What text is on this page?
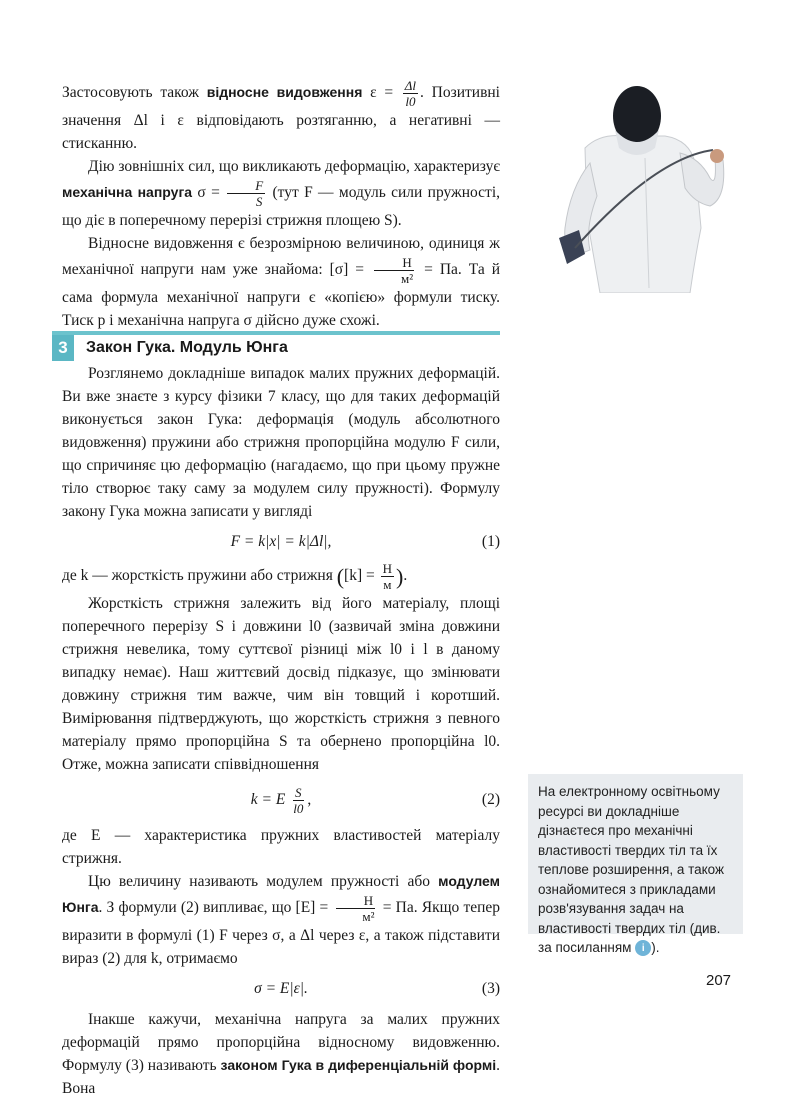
Застосовують також відносне видовження $\varepsilon = \frac{\Delta l}{l0}$ . Позитивні значення Δl і ε відповідають розтяганню, а негативні — стисканню.

Дію зовнішніх сил, що викликають деформацію, характеризує механічна напруга $\sigma = \frac{F}{S} (тут$ F — модуль сили пружності, що діє в поперечному перерізі стрижня площею S).

Відносне видовження є безрозмірною величиною, одиниця ж механічної напруги нам уже знайома: $[\sigma] = \frac{Н}{\text{м²}}$ = Па. Та й сама формула механічної напруги є «копією» формули тиску. Тиск p і механічна напруга σ дійсно дуже схожі.

3	Закон Гука. Модуль Юнга

Розглянемо докладніше випадок малих пружних деформацій. Ви вже знаєте з курсу фізики 7 класу, що для таких деформацій виконується закон Гука: деформація (модуль абсолютного видовження) пружини або стрижня пропорційна модулю F сили, що спричиняє цю деформацію (нагадаємо, що при цьому пружне тіло створює таку саму за модулем силу пружності). Формулу закону Гука можна записати у вигляді

F = k|x| = k|Δl|,	(1)

де k — жорсткість пружини або стрижня ($[k] = \frac{Н}{м}$ ).

Жорсткість стрижня залежить від його матеріалу, площі поперечного перерізу S і довжини l0 (зазвичай зміна довжини стрижня невелика, тому суттєвої різниці між l0 і l в даному випадку немає). Наш життєвий досвід підказує, що змінювати довжину стрижня тим важче, чим він товщий і коротший. Вимірювання підтверджують, що жорсткість стрижня з певного матеріалу прямо пропорційна S та обернено пропорційна l0. Отже, можна записати співвідношення

k = E $\frac{S}{l0}$ ,	(2)

де E — характеристика пружних властивостей матеріалу стрижня.

Цю величину називають модулем пружності або модулем Юнга. З формули (2) випливає, що $[E] = \frac{Н}{\text{м²}}$ = Па. Якщо тепер виразити в формулі (1) F через σ, а Δl через ε, а також підставити вираз (2) для k, отримаємо

σ = E|ε|.	(3)

Інакше кажучи, механічна напруга за малих пружних деформацій прямо пропорційна відносному видовженню. Формулу (3) називають законом Гука в диференціальній формі. Вона

На електронному освітньому ресурсі ви докладніше дізнаєтеся про механічні властивості твердих тіл та їх теплове розширення, а також ознайомитеся з прикладами розв'язування задач на властивості твердих тіл (див. за посиланням i ).
207
